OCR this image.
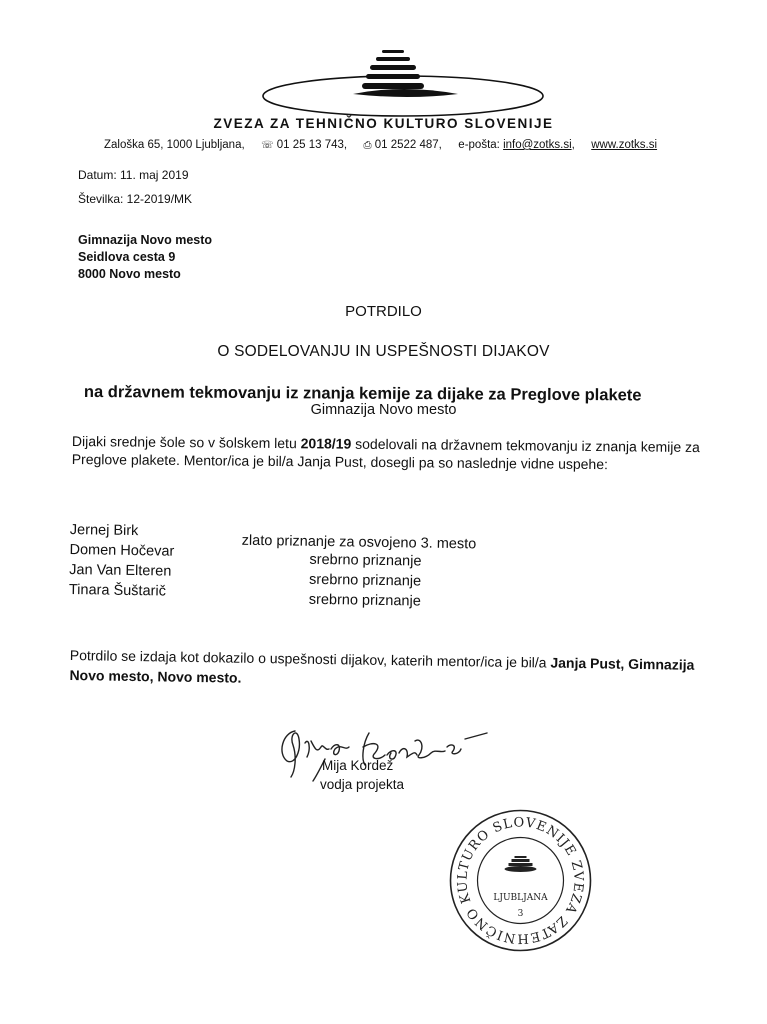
ZVEZA ZA TEHNIČNO KULTURO SLOVENIJE
Zaloška 65, 1000 Ljubljana, ☏ 01 25 13 743, ⎙ 01 2522 487, e-pošta: info@zotks.si, www.zotks.si
Datum: 11. maj 2019
Številka: 12-2019/MK
Gimnazija Novo mesto
Seidlova cesta 9
8000 Novo mesto
POTRDILO
O SODELOVANJU IN USPEŠNOSTI DIJAKOV
na državnem tekmovanju iz znanja kemije za dijake za Preglove plakete
Gimnazija Novo mesto
Dijaki srednje šole so v šolskem letu 2018/19 sodelovali na državnem tekmovanju iz znanja kemije za Preglove plakete. Mentor/ica je bil/a Janja Pust, dosegli pa so naslednje vidne uspehe:
Jernej Birk
zlato priznanje za osvojeno 3. mesto
Domen Hočevar
srebrno priznanje
Jan Van Elteren
srebrno priznanje
Tinara Šuštarič
srebrno priznanje
Potrdilo se izdaja kot dokazilo o uspešnosti dijakov, katerih mentor/ica je bil/a Janja Pust, Gimnazija Novo mesto, Novo mesto.
Mija Kordež
vodja projekta
TEHNIČNO KULTURO SLOVENIJE ZVEZA ZA
LJUBLJANA
3
